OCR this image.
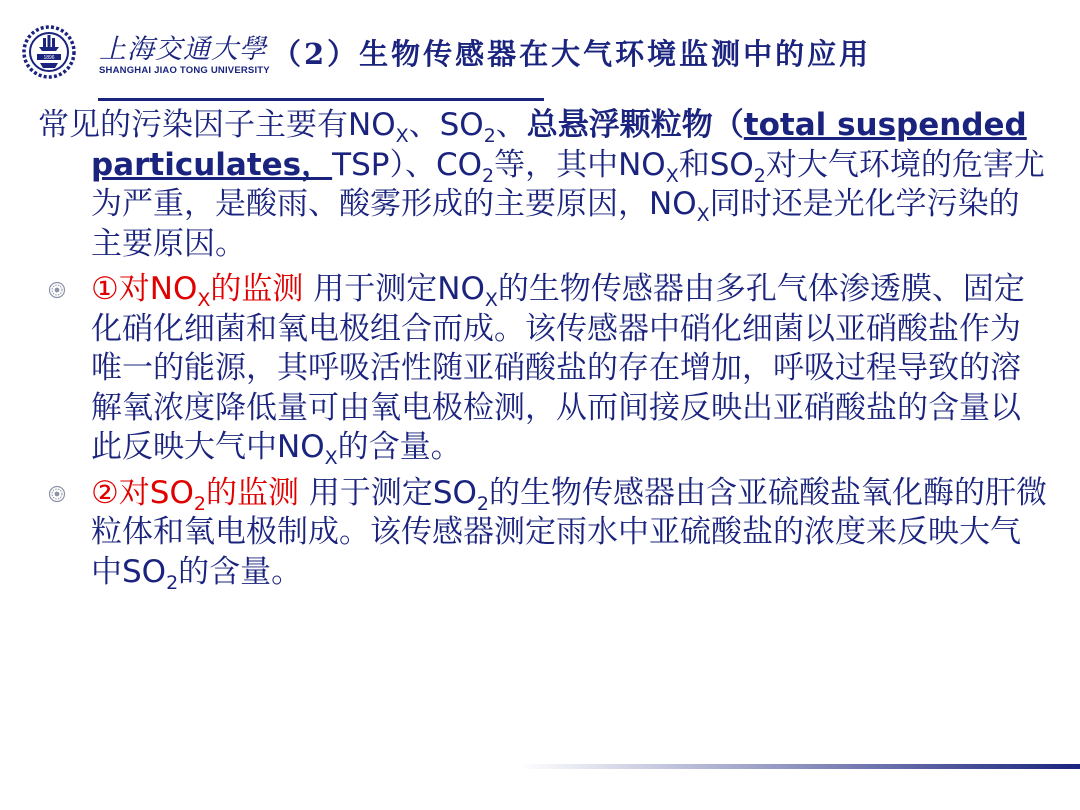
1896 上海交通大學
SHANGHAI JIAO TONG UNIVERSITY （2）生物传感器在大气环境监测中的应用

常见的污染因子主要有$NO_X$、$SO_2$、总悬浮颗粒物（total suspended particulates，TSP）、$CO_2$等，其中$NO_X$和$SO_2$对大气环境的危害尤为严重，是酸雨、酸雾形成的主要原因，$NO_X$同时还是光化学污染的主要原因。

①对$NO_X$的监测 用于测定$NO_X$的生物传感器由多孔气体渗透膜、固定化硝化细菌和氧电极组合而成。该传感器中硝化细菌以亚硝酸盐作为唯一的能源，其呼吸活性随亚硝酸盐的存在增加，呼吸过程导致的溶解氧浓度降低量可由氧电极检测，从而间接反映出亚硝酸盐的含量以此反映大气中$NO_X$的含量。
②对$SO_2$的监测 用于测定$SO_2$的生物传感器由含亚硫酸盐氧化酶的肝微粒体和氧电极制成。该传感器测定雨水中亚硫酸盐的浓度来反映大气中$SO_2$的含量。
